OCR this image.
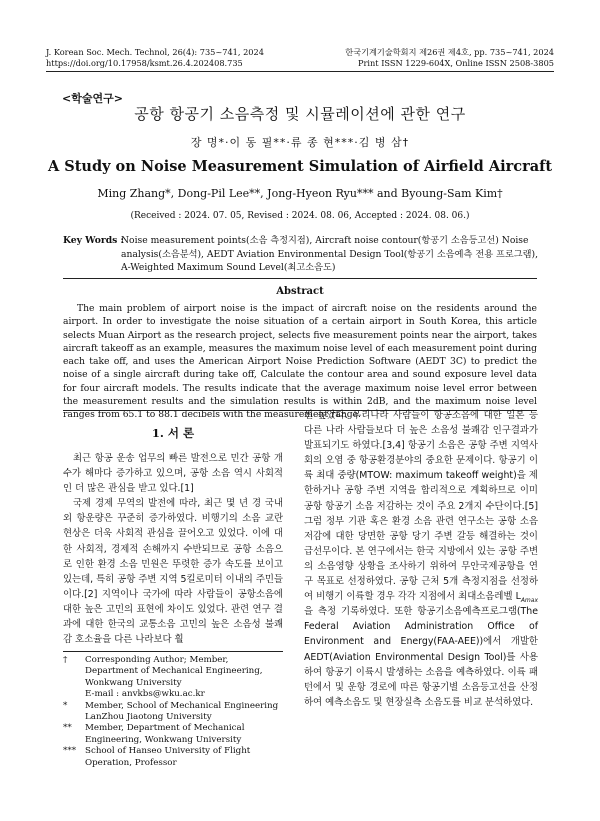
J. Korean Soc. Mech. Technol, 26(4): 735~741, 2024
https://doi.org/10.17958/ksmt.26.4.202408.735
한국기계기술학회지 제26권 제4호, pp. 735~741, 2024
Print ISSN 1229-604X, Online ISSN 2508-3805
<학술연구>
공항 항공기 소음측정 및 시뮬레이션에 관한 연구
장 명*·이 동 필**·류 종 현***·김 병 삼†
A Study on Noise Measurement Simulation of Airfield Aircraft
Ming Zhang*, Dong-Pil Lee**, Jong-Hyeon Ryu*** and Byoung-Sam Kim†
(Received : 2024. 07. 05, Revised : 2024. 08. 06, Accepted : 2024. 08. 06.)
Key Words :
Noise measurement points(소음 측정지점), Aircraft noise contour(항공기 소음등고선) Noise analysis(소음분석), AEDT Aviation Environmental Design Tool(항공기 소음예측 전용 프로그램), A-Weighted Maximum Sound Level(최고소음도)
Abstract
The main problem of airport noise is the impact of aircraft noise on the residents around the airport. In order to investigate the noise situation of a certain airport in South Korea, this article selects Muan Airport as the research project, selects five measurement points near the airport, takes aircraft takeoff as an example, measures the maximum noise level of each measurement point during each take off, and uses the American Airport Noise Prediction Software (AEDT 3C) to predict the noise of a single aircraft during take off, Calculate the contour area and sound exposure level data for four aircraft models. The results indicate that the average maximum noise level error between the measurement results and the simulation results is within 2dB, and the maximum noise level ranges from 65.1 to 88.1 decibels with the measurement range.
1. 서 론

최근 항공 운송 업무의 빠른 발전으로 민간 공항 개수가 해마다 증가하고 있으며, 공항 소음 역시 사회적인 더 많은 관심을 받고 있다.[1]

국제 경제 무역의 발전에 따라, 최근 몇 년 경 국내외 항운량은 꾸준히 증가하였다. 비행기의 소음 교란 현상은 더욱 사회적 관심을 끌어오고 있었다. 이에 대한 사회적, 경제적 손해까지 수반되므로 공항 소음으로 인한 환경 소음 민원은 뚜렷한 증가 속도를 보이고 있는데, 특히 공항 주변 지역 5킬로미터 이내의 주민들이다.[2] 지역이나 국가에 따라 사람들이 공항소음에 대한 높은 고민의 표현에 차이도 있었다. 관련 연구 결과에 대한 한국의 교통소음 고민의 높은 소음성 불쾌감 호소율을 다른 나라보다 훨

씬 높았다. 우리나라 사람들이 항공소음에 대한 일본 등 다른 나라 사람들보다 더 높은 소음성 불쾌감 인구결과가 발표되기도 하였다.[3,4] 항공기 소음은 공항 주변 지역사회의 오염 중 항공환경분야의 중요한 문제이다. 항공기 이륙 최대 중량(MTOW: maximum takeoff weight)을 제한하거나 공항 주변 지역을 합리적으로 계획하므로 이미 공항 항공기 소음 저감하는 것이 주요 2개지 수단이다.[5] 그럼 정부 기관 혹은 환경 소음 관련 연구소는 공항 소음 저감에 대한 당면한 공항 당기 주변 갈등 해결하는 것이 급선무이다. 본 연구에서는 한국 지방에서 있는 공항 주변의 소음영향 상황을 조사하기 위하여 무안국제공항을 연구 목표로 선정하였다. 공항 근처 5개 측정지점을 선정하여 비행기 이륙할 경우 각각 지점에서 최대소음레벨 $L_{Amax}$을 측정 기록하였다. 또한 항공기소음예측프로그램(The Federal Aviation Administration Office of Environment and Energy(FAA-AEE))에서 개발한 AEDT(Aviation Environmental Design Tool)를 사용하여 항공기 이륙시 발생하는 소음을 예측하였다. 이륙 패턴에서 및 운항 경로에 따른 항공기별 소음등고선을 산정하여 예측소음도 및 현장실측 소음도를 비교 분석하였다.

†	Corresponding Author; Member, Department of Mechanical Engineering, Wonkwang University
E-mail : anvkbs@wku.ac.kr
*	Member, School of Mechanical Engineering LanZhou Jiaotong University
**	Member, Department of Mechanical Engineering, Wonkwang University
***	School of Hanseo University of Flight Operation, Professor
